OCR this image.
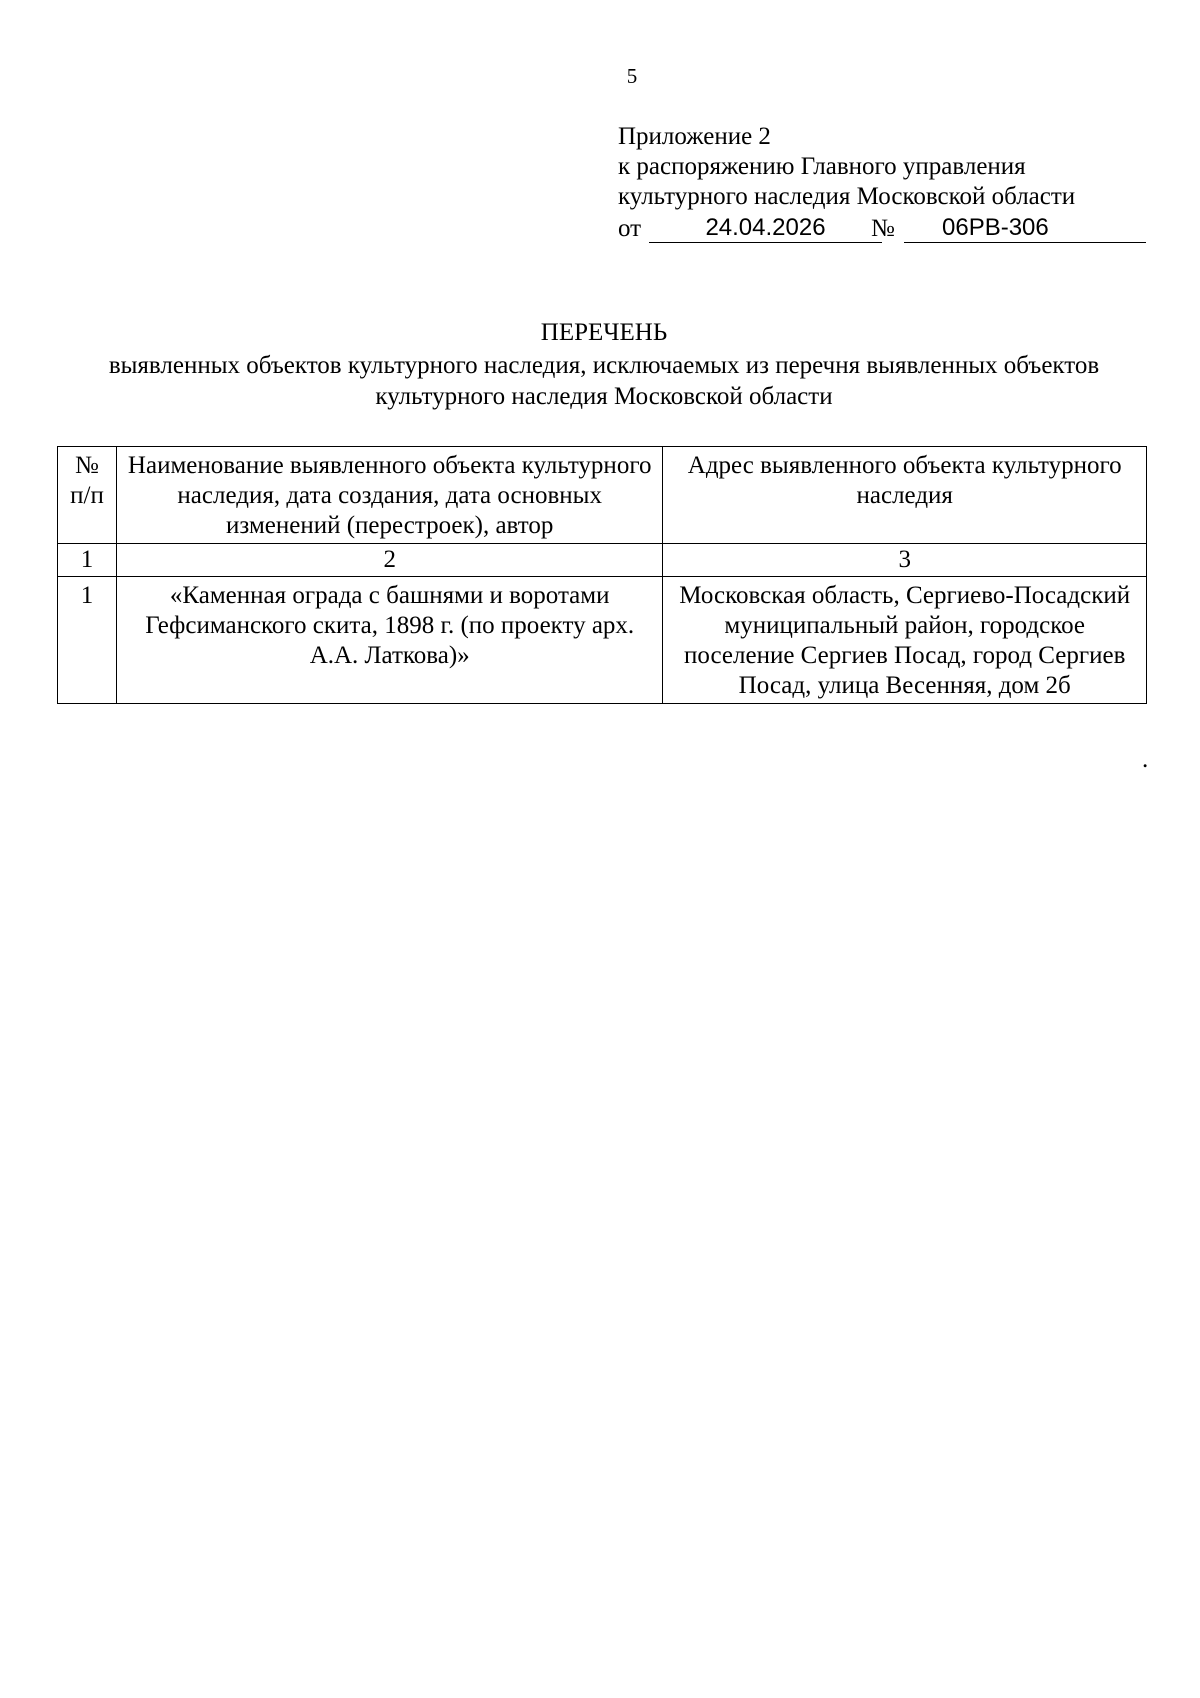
5
Приложение 2
к распоряжению Главного управления
культурного наследия Московской области
от	24.04.2026	№	06РВ-306
ПЕРЕЧЕНЬ
выявленных объектов культурного наследия, исключаемых из перечня выявленных объектов культурного наследия Московской области
№ п/п	Наименование выявленного объекта культурного наследия, дата создания, дата основных изменений (перестроек), автор	Адрес выявленного объекта культурного наследия
1	2	3
1	«Каменная ограда с башнями и воротами Гефсиманского скита, 1898 г. (по проекту арх. А.А. Латкова)»	Московская область, Сергиево-Посадский муниципальный район, городское поселение Сергиев Посад, город Сергиев Посад, улица Весенняя, дом 2б
.
